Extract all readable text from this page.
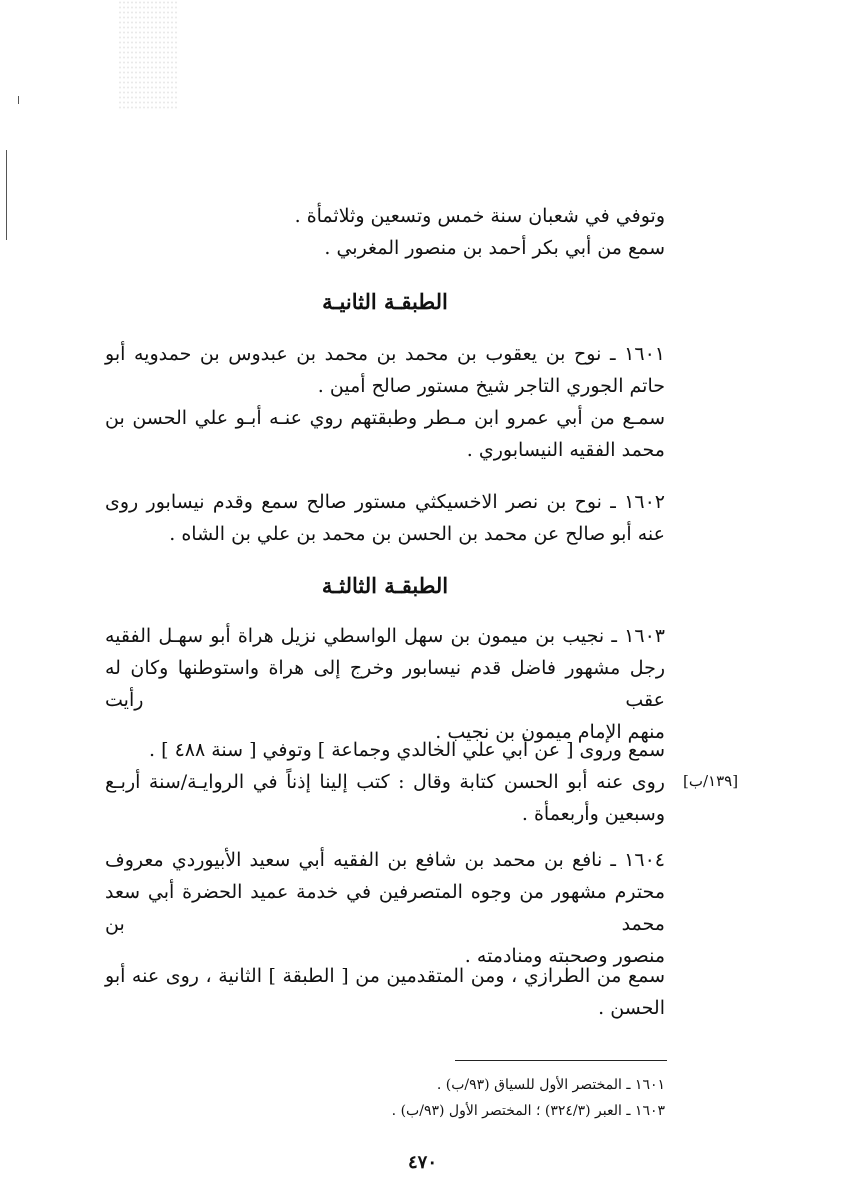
وتوفي في شعبان سنة خمس وتسعين وثلاثمأة .
سمع من أبي بكر أحمد بن منصور المغربي .
الطبقـة الثانيـة
١٦٠١ ـ نوح بن يعقوب بن محمد بن محمد بن عبدوس بن حمدويه أبو
حاتم الجوري التاجر شيخ مستور صالح أمين .
سمـع من أبي عمرو ابن مـطر وطبقتهم روي عنـه أبـو علي الحسن بن
محمد الفقيه النيسابوري .
١٦٠٢ ـ نوح بن نصر الاخسيكثي مستور صالح سمع وقدم نيسابور روى
عنه أبو صالح عن محمد بن الحسن بن محمد بن علي بن الشاه .
الطبقـة الثالثـة
١٦٠٣ ـ نجيب بن ميمون بن سهل الواسطي نزيل هراة أبو سهـل الفقيه
رجل مشهور فاضل قدم نيسابور وخرج إلى هراة واستوطنها وكان له عقب رأيت
منهم الإمام ميمون بن نجيب .
سمع وروى [ عن أبي علي الخالدي وجماعة ] وتوفي [ سنة ٤٨٨ ] .
روى عنه أبو الحسن كتابة وقال : كتب إلينا إذناً في الروايـة/سنة أربـع
وسبعين وأربعمأة .
[١٣٩/ب]
١٦٠٤ ـ نافع بن محمد بن شافع بن الفقيه أبي سعيد الأبيوردي معروف
محترم مشهور من وجوه المتصرفين في خدمة عميد الحضرة أبي سعد محمد بن
منصور وصحبته ومنادمته .
سمع من الطرازي ، ومن المتقدمين من [ الطبقة ] الثانية ، روى عنه أبو
الحسن .
١٦٠١ ـ المختصر الأول للسياق (٩٣/ب) .
١٦٠٣ ـ العبر (٣٢٤/٣) ؛ المختصر الأول (٩٣/ب) .
٤٧٠
